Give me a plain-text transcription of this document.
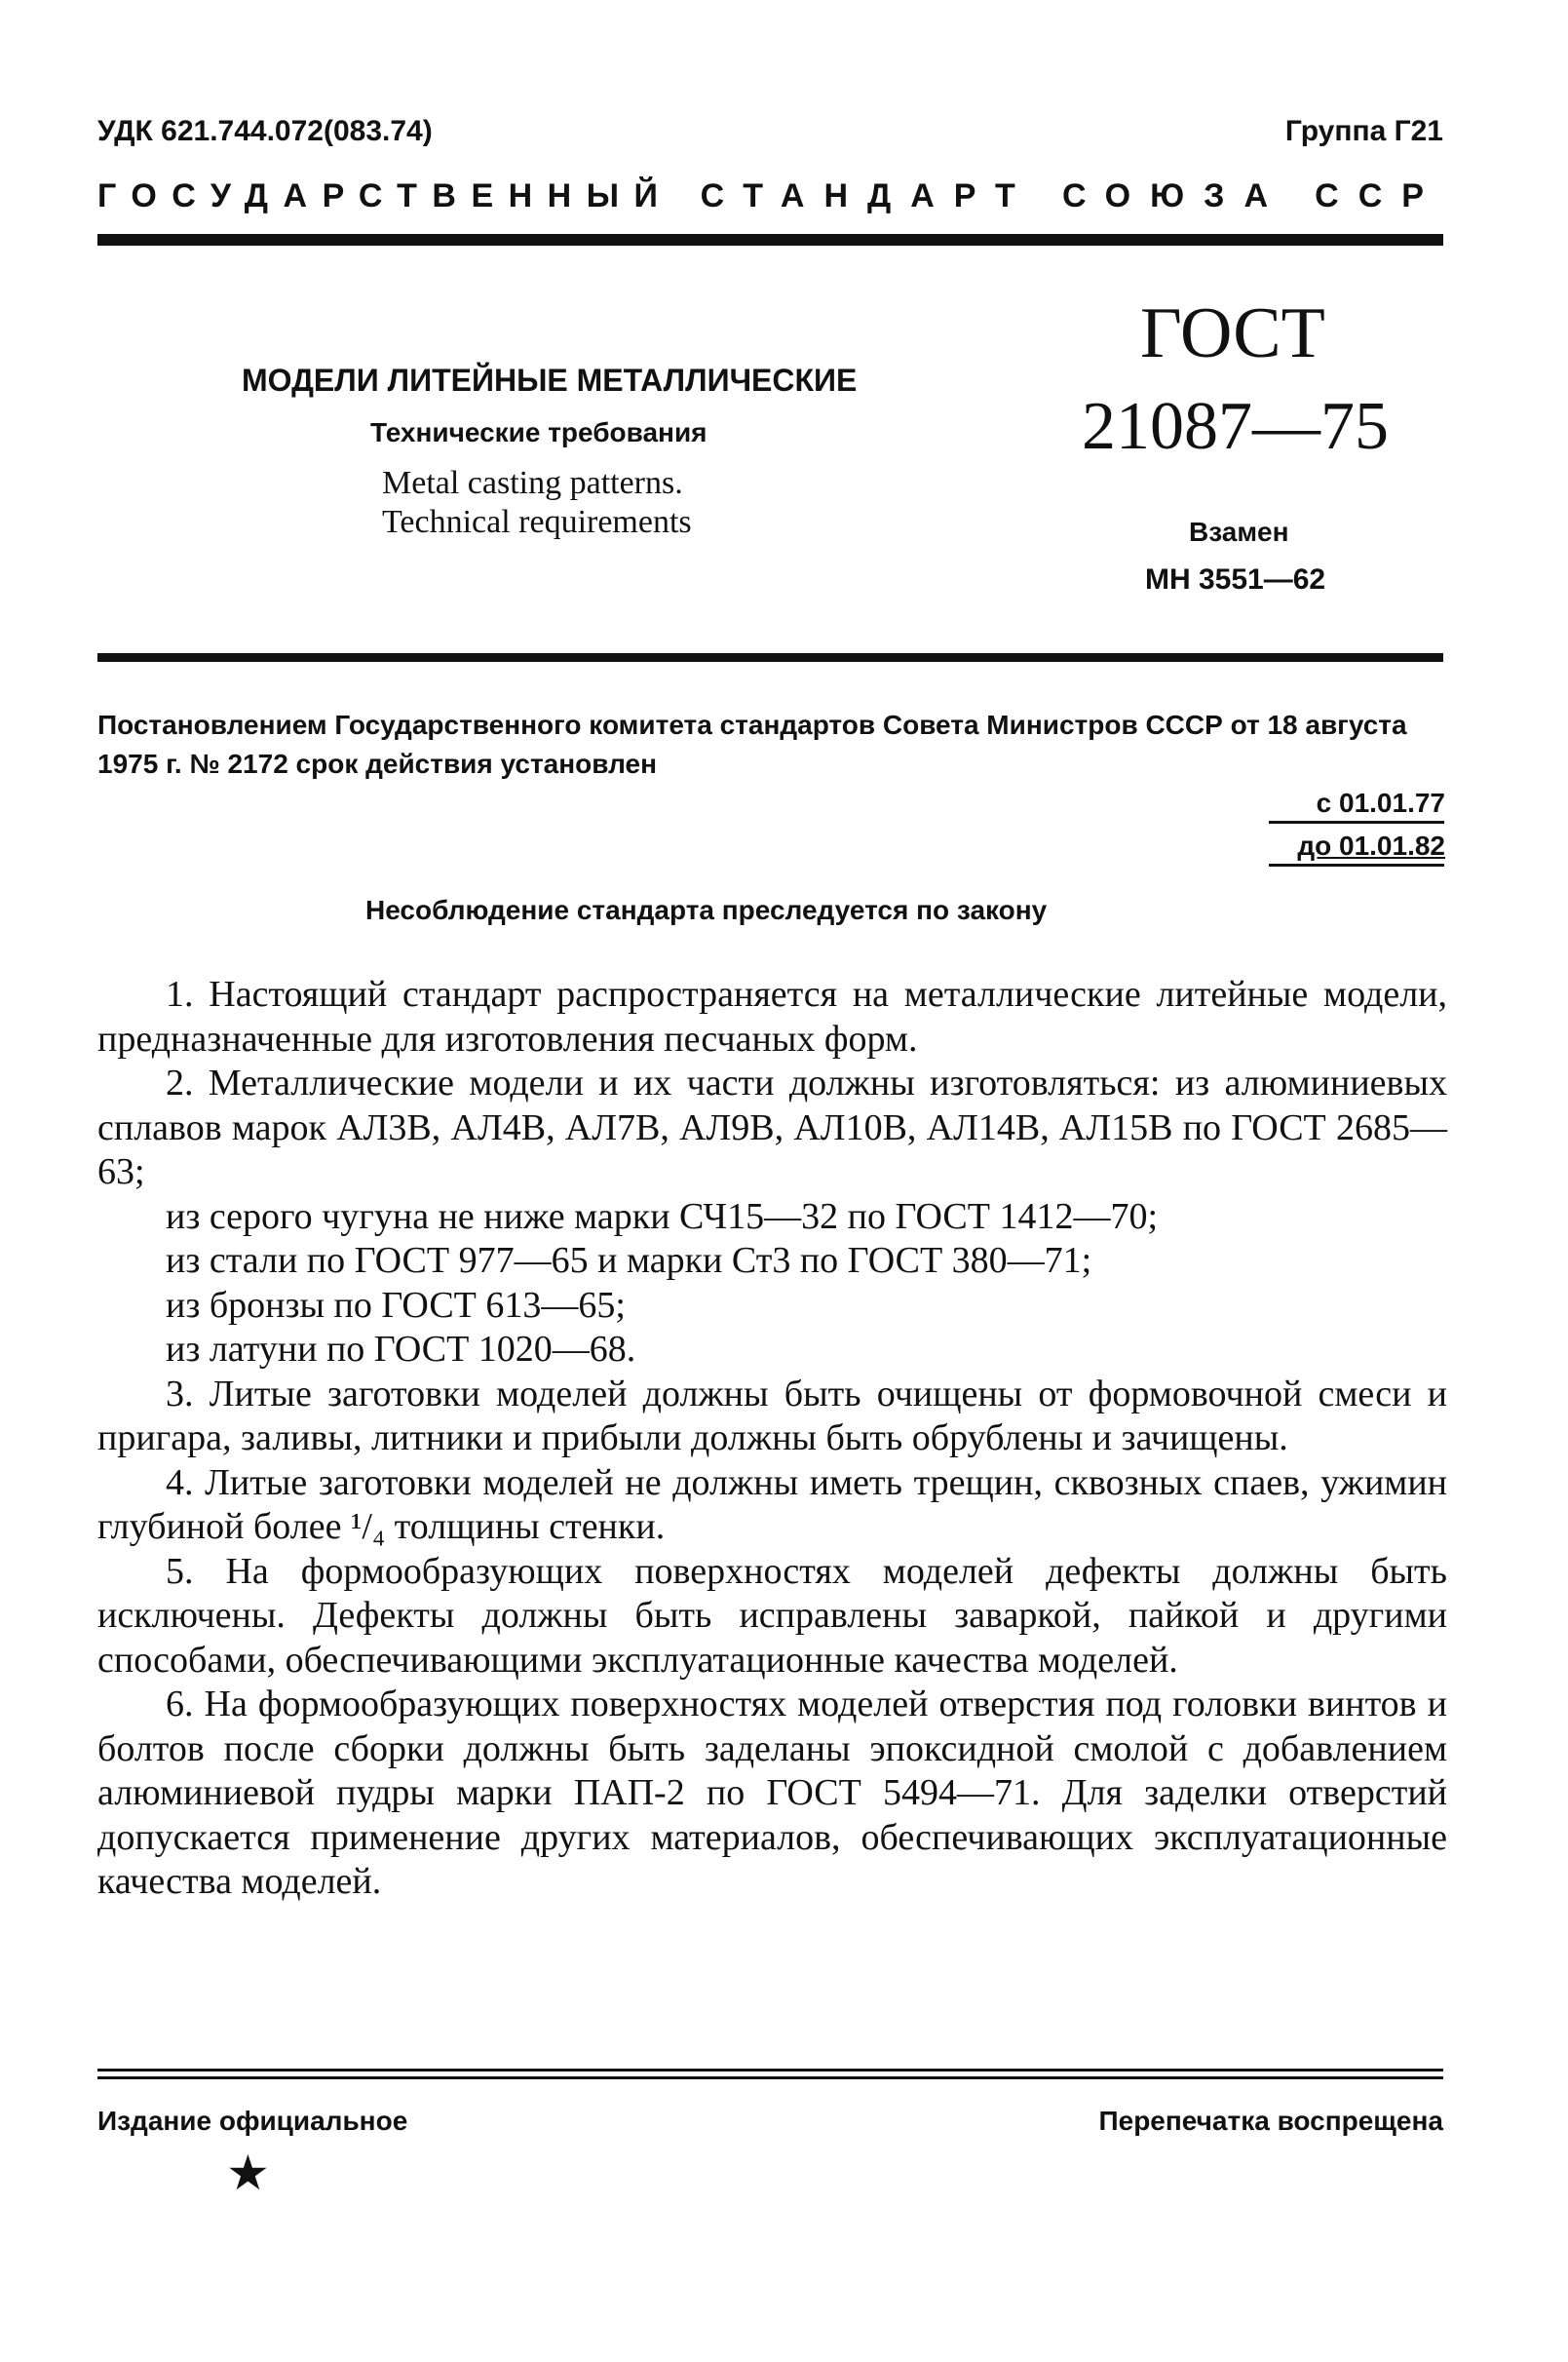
УДК 621.744.072(083.74)	Группа Г21
ГОСУДАРСТВЕННЫЙ СТАНДАРТ СОЮЗА ССР
МОДЕЛИ ЛИТЕЙНЫЕ МЕТАЛЛИЧЕСКИЕ
Технические требования
Metal casting patterns.
Technical requirements
ГОСТ
21087—75
Взамен
МН 3551—62
Постановлением Государственного комитета стандартов Совета Министров СССР от 18 августа 1975 г. № 2172 срок действия установлен
с 01.01.77
до 01.01.82
Несоблюдение стандарта преследуется по закону

1. Настоящий стандарт распространяется на металлические литейные модели, предназначенные для изготовления песчаных форм.

2. Металлические модели и их части должны изготовляться: из алюминиевых сплавов марок АЛ3В, АЛ4В, АЛ7В, АЛ9В, АЛ10В, АЛ14В, АЛ15В по ГОСТ 2685—63;

из серого чугуна не ниже марки СЧ15—32 по ГОСТ 1412—70;

из стали по ГОСТ 977—65 и марки Ст3 по ГОСТ 380—71;

из бронзы по ГОСТ 613—65;

из латуни по ГОСТ 1020—68.

3. Литые заготовки моделей должны быть очищены от формовочной смеси и пригара, заливы, литники и прибыли должны быть обрублены и зачищены.

4. Литые заготовки моделей не должны иметь трещин, сквозных спаев, ужимин глубиной более ¹/₄ толщины стенки.

5. На формообразующих поверхностях моделей дефекты должны быть исключены. Дефекты должны быть исправлены заваркой, пайкой и другими способами, обеспечивающими эксплуатационные качества моделей.

6. На формообразующих поверхностях моделей отверстия под головки винтов и болтов после сборки должны быть заделаны эпоксидной смолой с добавлением алюминиевой пудры марки ПАП-2 по ГОСТ 5494—71. Для заделки отверстий допускается применение других материалов, обеспечивающих эксплуатационные качества моделей.

Издание официальное	Перепечатка воспрещена
★
